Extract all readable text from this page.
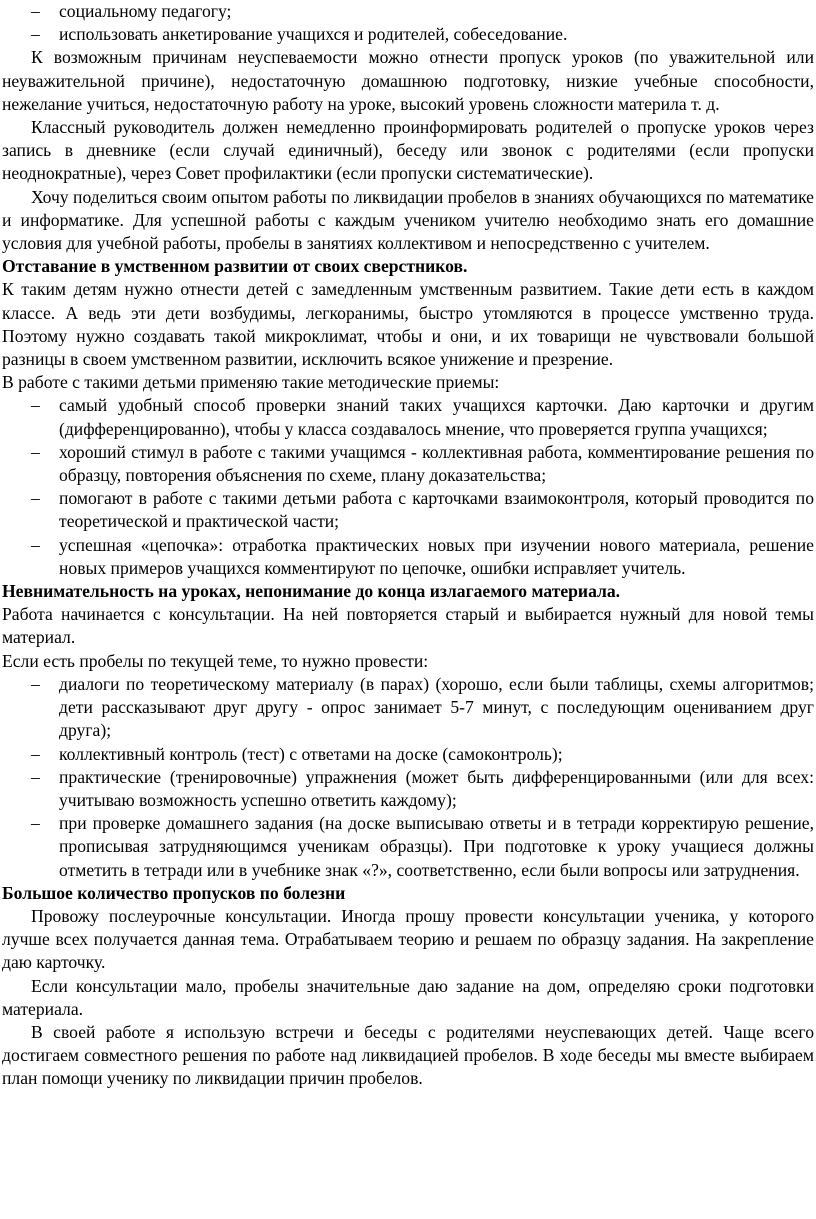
– социальному педагогу;
– использовать анкетирование учащихся и родителей, собеседование.

К возможным причинам неуспеваемости можно отнести пропуск уроков (по уважительной или неуважительной причине), недостаточную домашнюю подготовку, низкие учебные способности, нежелание учиться, недостаточную работу на уроке, высокий уровень сложности материла т. д.

Классный руководитель должен немедленно проинформировать родителей о пропуске уроков через запись в дневнике (если случай единичный), беседу или звонок с родителями (если пропуски неоднократные), через Совет профилактики (если пропуски систематические).

Хочу поделиться своим опытом работы по ликвидации пробелов в знаниях обучающихся по математике и информатике. Для успешной работы с каждым учеником учителю необходимо знать его домашние условия для учебной работы, пробелы в занятиях коллективом и непосредственно с учителем.

Отставание в умственном развитии от своих сверстников.

К таким детям нужно отнести детей с замедленным умственным развитием. Такие дети есть в каждом классе. А ведь эти дети возбудимы, легкоранимы, быстро утомляются в процессе умственно труда. Поэтому нужно создавать такой микроклимат, чтобы и они, и их товарищи не чувствовали большой разницы в своем умственном развитии, исключить всякое унижение и презрение.

В работе с такими детьми применяю такие методические приемы:

– самый удобный способ проверки знаний таких учащихся карточки. Даю карточки и другим (дифференцированно), чтобы у класса создавалось мнение, что проверяется группа учащихся;
– хороший стимул в работе с такими учащимся - коллективная работа, комментирование решения по образцу, повторения объяснения по схеме, плану доказательства;
– помогают в работе с такими детьми работа с карточками взаимоконтроля, который проводится по теоретической и практической части;
– успешная «цепочка»: отработка практических новых при изучении нового материала, решение новых примеров учащихся комментируют по цепочке, ошибки исправляет учитель.

Невнимательность на уроках, непонимание до конца излагаемого материала.

Работа начинается с консультации. На ней повторяется старый и выбирается нужный для новой темы материал.

Если есть пробелы по текущей теме, то нужно провести:

– диалоги по теоретическому материалу (в парах) (хорошо, если были таблицы, схемы алгоритмов; дети рассказывают друг другу - опрос занимает 5-7 минут, с последующим оцениванием друг друга);
– коллективный контроль (тест) с ответами на доске (самоконтроль);
– практические (тренировочные) упражнения (может быть дифференцированными (или для всех: учитываю возможность успешно ответить каждому);
– при проверке домашнего задания (на доске выписываю ответы и в тетради корректирую решение, прописывая затрудняющимся ученикам образцы). При подготовке к уроку учащиеся должны отметить в тетради или в учебнике знак «?», соответственно, если были вопросы или затруднения.

Большое количество пропусков по болезни

Провожу послеурочные консультации. Иногда прошу провести консультации ученика, у которого лучше всех получается данная тема. Отрабатываем теорию и решаем по образцу задания. На закрепление даю карточку.

Если консультации мало, пробелы значительные даю задание на дом, определяю сроки подготовки материала.

В своей работе я использую встречи и беседы с родителями неуспевающих детей. Чаще всего достигаем совместного решения по работе над ликвидацией пробелов. В ходе беседы мы вместе выбираем план помощи ученику по ликвидации причин пробелов.
